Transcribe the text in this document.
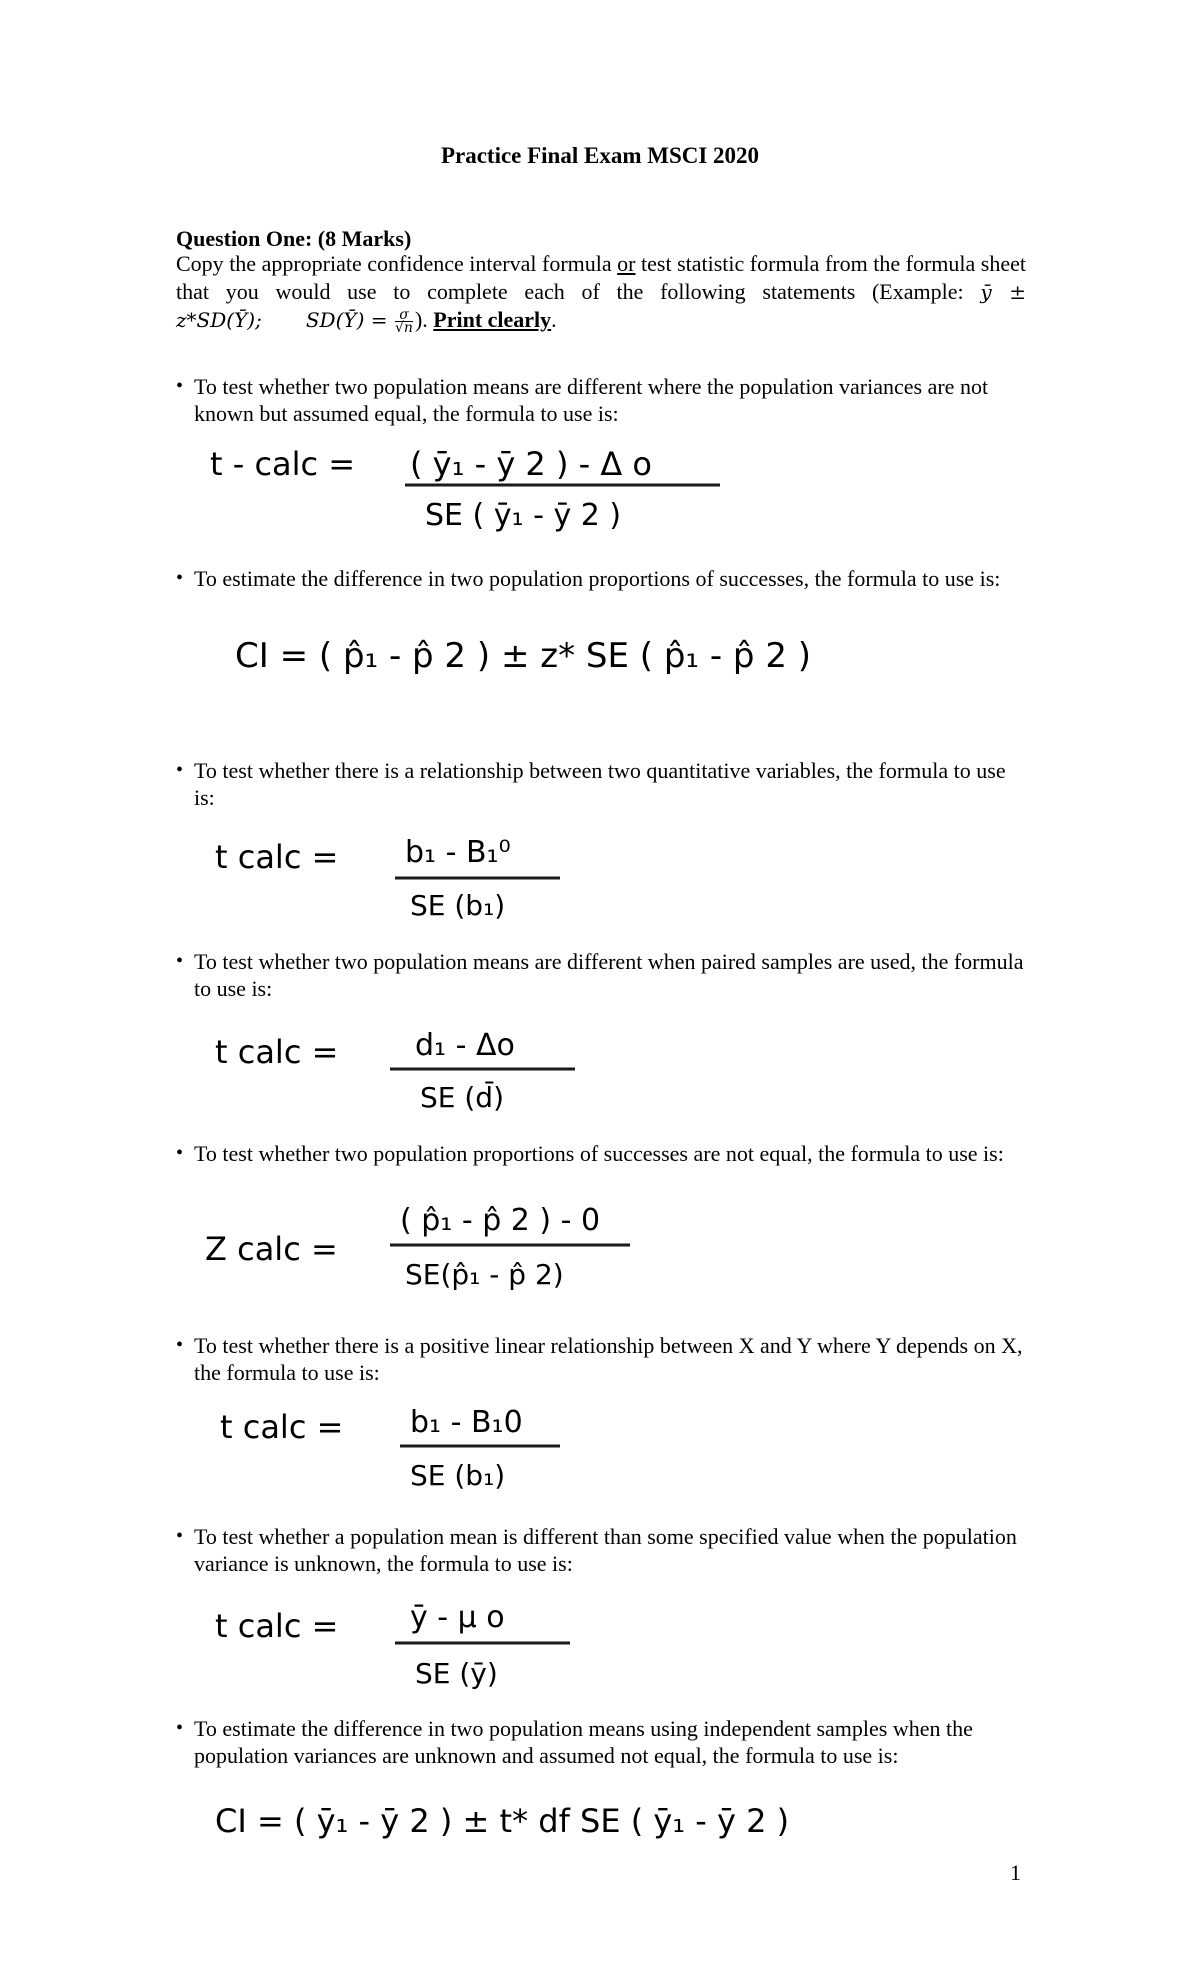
Practice Final Exam MSCI 2020
Question One: (8 Marks)
Copy the appropriate confidence interval formula or test statistic formula from the formula sheet that you would use to complete each of the following statements (Example: ȳ ± z*SD(Ȳ); SD(Ȳ) = $\frac{\sigma}{√n}$ ). Print clearly.
• To test whether two population means are different where the population variances are not known but assumed equal, the formula to use is:
t - calc = ( ȳ₁ - ȳ 2 ) - Δ o
SE ( ȳ₁ - ȳ 2 )
• To estimate the difference in two population proportions of successes, the formula to use is:
CI = ( p̂₁ - p̂ 2 ) ± z* SE ( p̂₁ - p̂ 2 )
• To test whether there is a relationship between two quantitative variables, the formula to use is:
t calc = b₁ - B₁⁰
SE (b₁)
• To test whether two population means are different when paired samples are used, the formula to use is:
t calc =	d₁ - Δo
SE (d̄)
• To test whether two population proportions of successes are not equal, the formula to use is:
Z calc =
( p̂₁ - p̂ 2 ) - 0
SE(p̂₁ - p̂ 2)
• To test whether there is a positive linear relationship between X and Y where Y depends on X, the formula to use is:
t calc = b₁ - B₁0
SE (b₁)
• To test whether a population mean is different than some specified value when the population variance is unknown, the formula to use is:
t calc = ȳ - μ o
SE (ȳ)
• To estimate the difference in two population means using independent samples when the population variances are unknown and assumed not equal, the formula to use is:
CI = ( ȳ₁ - ȳ 2 ) ± t* df SE ( ȳ₁ - ȳ 2 )
1
